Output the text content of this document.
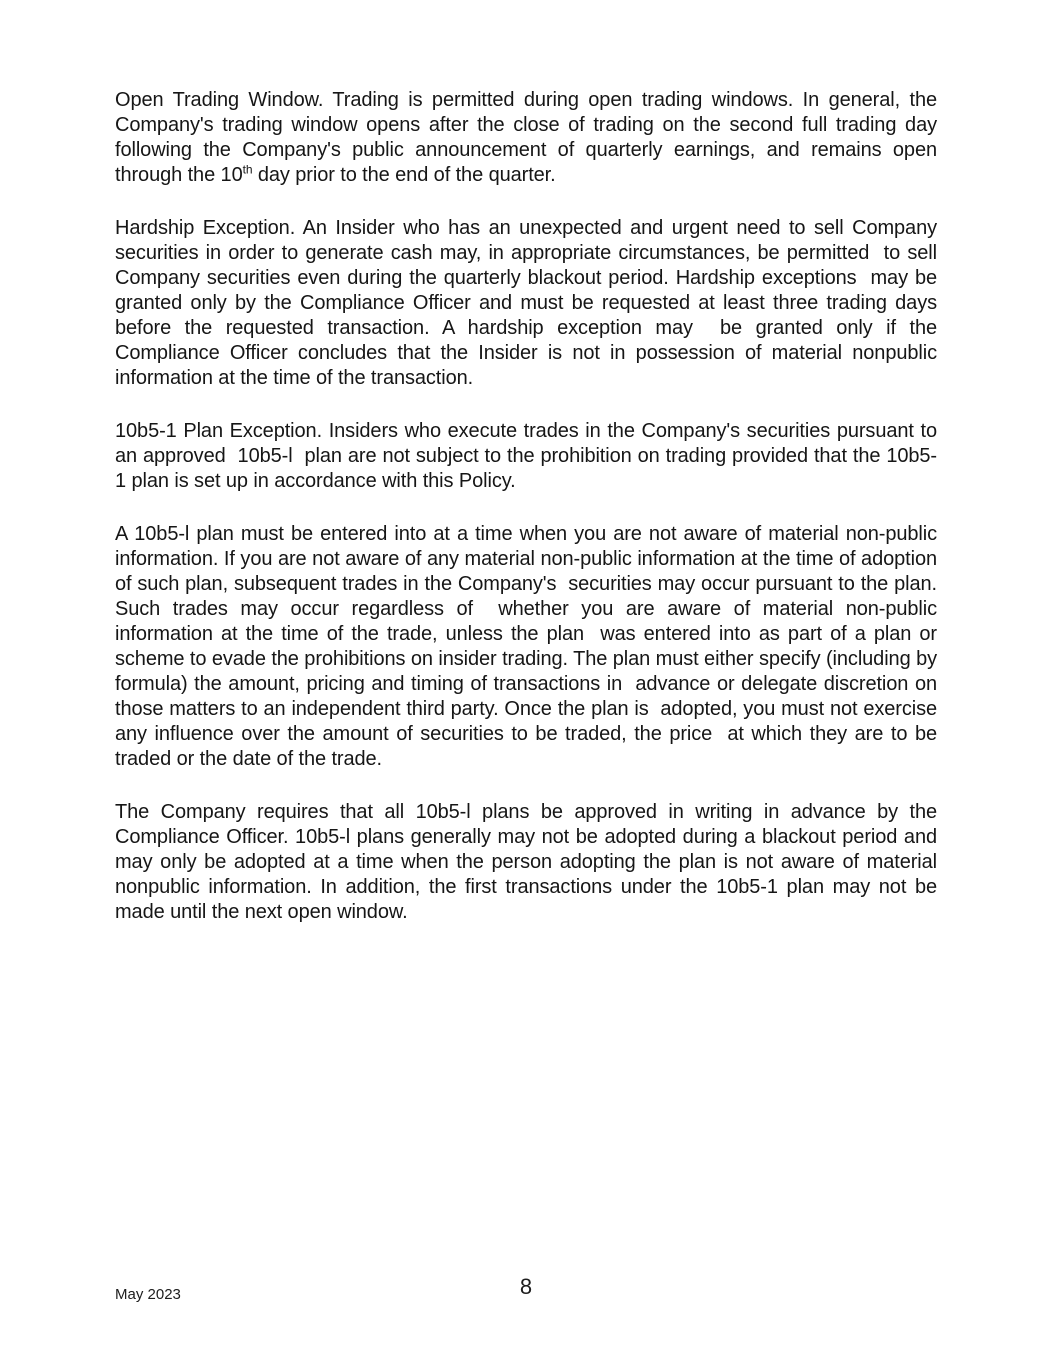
Open Trading Window. Trading is permitted during open trading windows. In general, the Company's trading window opens after the close of trading on the second full trading day following the Company's public announcement of quarterly earnings, and remains open through the 10th day prior to the end of the quarter.

Hardship Exception. An Insider who has an unexpected and urgent need to sell Company securities in order to generate cash may, in appropriate circumstances, be permitted  to sell Company securities even during the quarterly blackout period. Hardship exceptions  may be granted only by the Compliance Officer and must be requested at least three trading days  before the requested transaction. A hardship exception may  be granted only if the Compliance Officer concludes that the Insider is not in possession of material nonpublic  information at the time of the transaction.

10b5-1 Plan Exception. Insiders who execute trades in the Company's securities pursuant to an approved  10b5-l  plan are not subject to the prohibition on trading provided that the 10b5-1 plan is set up in accordance with this Policy.

A 10b5-l plan must be entered into at a time when you are not aware of material non-public information. If you are not aware of any material non-public information at the time of adoption of such plan, subsequent trades in the Company's  securities may occur pursuant to the plan. Such trades may occur regardless of  whether you are aware of material non-public information at the time of the trade, unless the plan  was entered into as part of a plan or scheme to evade the prohibitions on insider trading. The plan must either specify (including by formula) the amount, pricing and timing of transactions in  advance or delegate discretion on those matters to an independent third party. Once the plan is  adopted, you must not exercise any influence over the amount of securities to be traded, the price  at which they are to be traded or the date of the trade.

The Company requires that all 10b5-l plans be approved in writing in advance by the Compliance Officer. 10b5-l plans generally may not be adopted during a blackout period and may only be adopted at a time when the person adopting the plan is not aware of material nonpublic information. In addition, the first transactions under the 10b5-1 plan may not be made until the next open window.

May 2023	8
